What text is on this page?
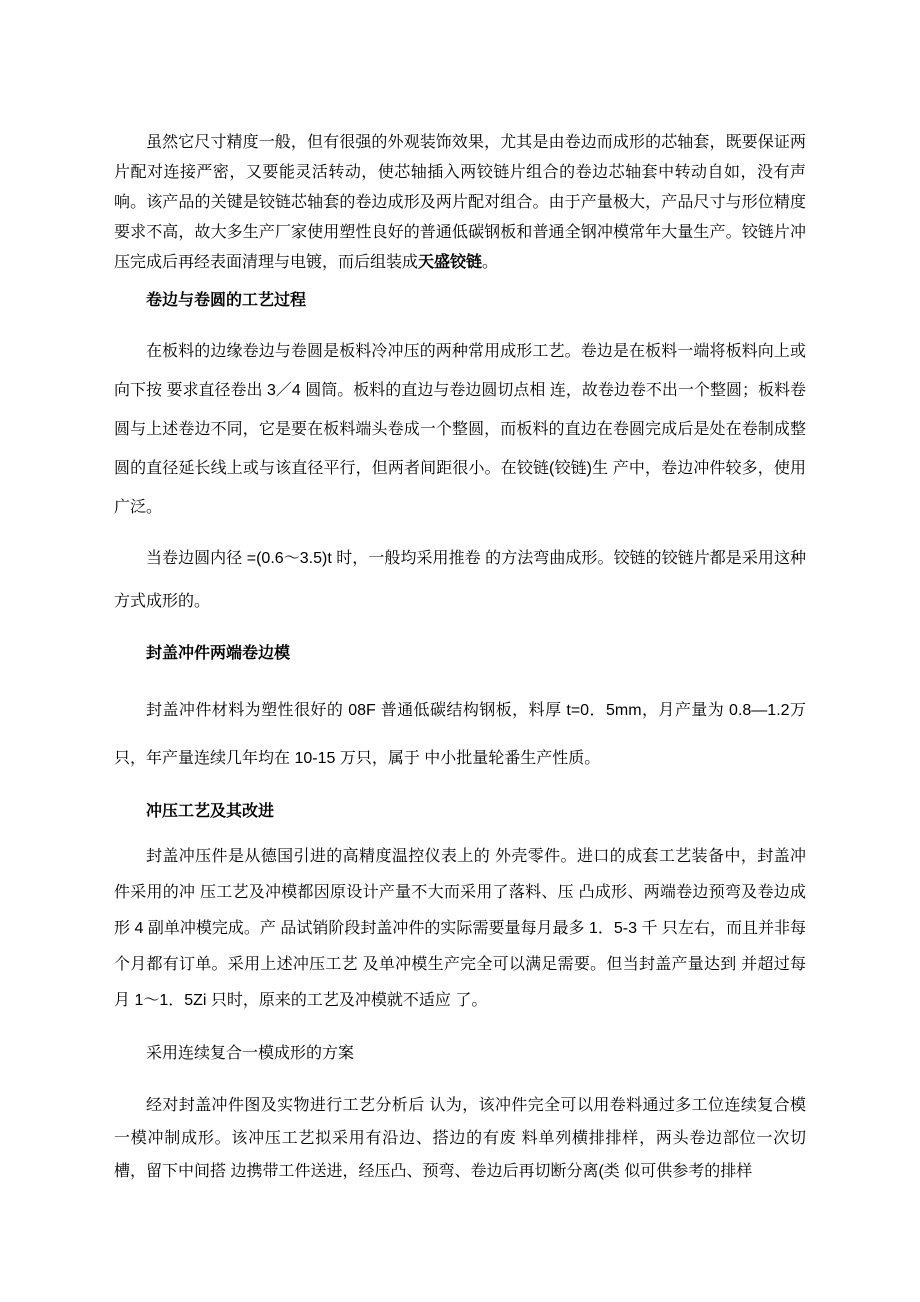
虽然它尺寸精度一般，但有很强的外观装饰效果，尤其是由卷边而成形的芯轴套，既要保证两片配对连接严密，又要能灵活转动，使芯轴插入两铰链片组合的卷边芯轴套中转动自如，没有声响。该产品的关键是铰链芯轴套的卷边成形及两片配对组合。由于产量极大，产品尺寸与形位精度要求不高，故大多生产厂家使用塑性良好的普通低碳钢板和普通全钢冲模常年大量生产。铰链片冲压完成后再经表面清理与电镀，而后组装成天盛铰链。

卷边与卷圆的工艺过程

在板料的边缘卷边与卷圆是板料冷冲压的两种常用成形工艺。卷边是在板料一端将板料向上或向下按 要求直径卷出 3／4 圆筒。板料的直边与卷边圆切点相 连，故卷边卷不出一个整圆；板料卷圆与上述卷边不同，它是要在板料端头卷成一个整圆，而板料的直边在卷圆完成后是处在卷制成整圆的直径延长线上或与该直径平行，但两者间距很小。在铰链(铰链)生 产中，卷边冲件较多，使用广泛。

当卷边圆内径 =(0.6～3.5)t 时，一般均采用推卷 的方法弯曲成形。铰链的铰链片都是采用这种方式成形的。

封盖冲件两端卷边模

封盖冲件材料为塑性很好的 08F 普通低碳结构钢板，料厚 t=0．5mm，月产量为 0.8—1.2万只，年产量连续几年均在 10-15 万只，属于 中小批量轮番生产性质。

冲压工艺及其改进

封盖冲压件是从德国引进的高精度温控仪表上的 外壳零件。进口的成套工艺装备中，封盖冲件采用的冲 压工艺及冲模都因原设计产量不大而采用了落料、压 凸成形、两端卷边预弯及卷边成形 4 副单冲模完成。产 品试销阶段封盖冲件的实际需要量每月最多 1．5-3 千 只左右，而且并非每个月都有订单。采用上述冲压工艺 及单冲模生产完全可以满足需要。但当封盖产量达到 并超过每月 1～1．5Zi 只时，原来的工艺及冲模就不适应 了。

采用连续复合一模成形的方案

经对封盖冲件图及实物进行工艺分析后 认为，该冲件完全可以用卷料通过多工位连续复合模 一模冲制成形。该冲压工艺拟采用有沿边、搭边的有废 料单列横排排样，两头卷边部位一次切槽，留下中间搭 边携带工件送进，经压凸、预弯、卷边后再切断分离(类 似可供参考的排样
